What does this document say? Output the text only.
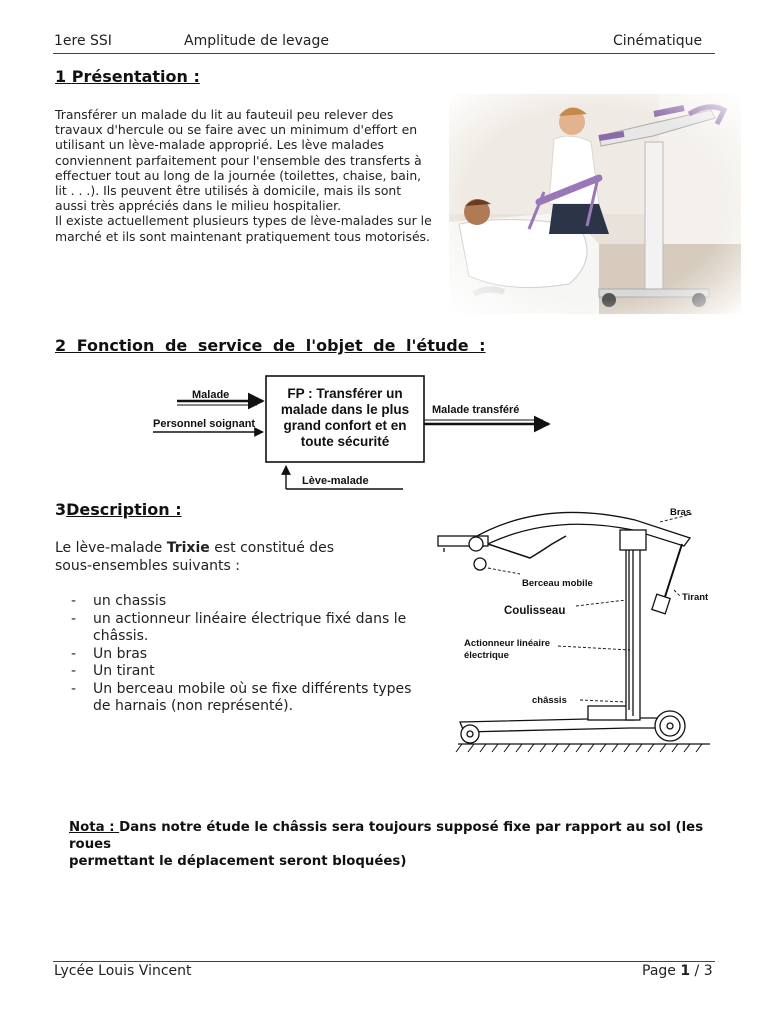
1ere SSI	Amplitude de levage	Cinématique
1 Présentation :
Transférer un malade du lit au fauteuil peu relever des
travaux d'hercule ou se faire avec un minimum d'effort en
utilisant un lève-malade approprié. Les lève malades
conviennent parfaitement pour l'ensemble des transferts à
effectuer tout au long de la journée (toilettes, chaise, bain,
lit . . .). Ils peuvent être utilisés à domicile, mais ils sont
aussi très appréciés dans le milieu hospitalier.
Il existe actuellement plusieurs types de lève-malades sur le
marché et ils sont maintenant pratiquement tous motorisés.
2 Fonction de service de l'objet de l'étude :
Malade
Personnel soignant
Malade transféré
Lève-malade
FP : Transférer un
malade dans le plus
grand confort et en
toute sécurité
3Description :
Le lève-malade Trixie est constitué des
sous-ensembles suivants :
- un chassis
- un actionneur linéaire électrique fixé dans le
châssis.
- Un bras
- Un tirant
- Un berceau mobile où se fixe différents types
de harnais (non représenté).
Bras
Berceau mobile
Coulisseau
Tirant
Actionneur linéaire
électrique
châssis
Nota : Dans notre étude le châssis sera toujours supposé fixe par rapport au sol (les roues
permettant le déplacement seront bloquées)
Lycée Louis Vincent	Page 1 / 3
